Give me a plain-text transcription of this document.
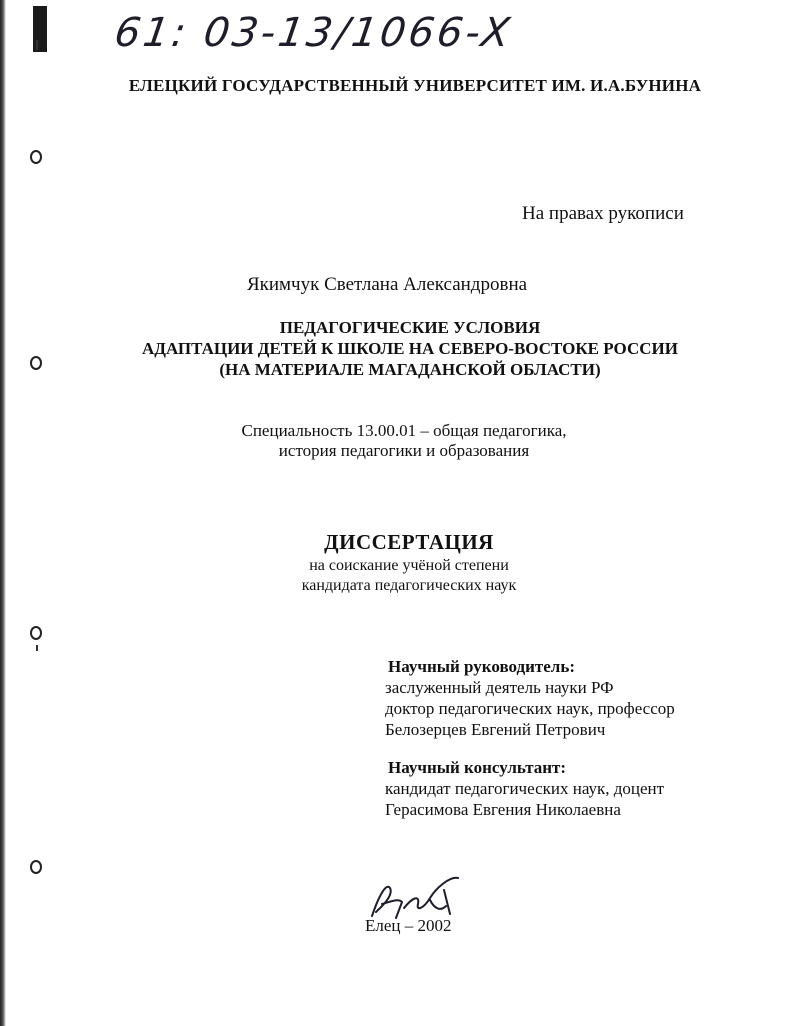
61: 03-13/1066-X
ЕЛЕЦКИЙ ГОСУДАРСТВЕННЫЙ УНИВЕРСИТЕТ ИМ. И.А.БУНИНА
На правах рукописи
Якимчук Светлана Александровна
ПЕДАГОГИЧЕСКИЕ УСЛОВИЯ
АДАПТАЦИИ ДЕТЕЙ К ШКОЛЕ НА СЕВЕРО-ВОСТОКЕ РОССИИ
(НА МАТЕРИАЛЕ МАГАДАНСКОЙ ОБЛАСТИ)
Специальность 13.00.01 – общая педагогика,
история педагогики и образования
ДИССЕРТАЦИЯ
на соискание учёной степени
кандидата педагогических наук
Научный руководитель:
заслуженный деятель науки РФ
доктор педагогических наук, профессор
Белозерцев Евгений Петрович
Научный консультант:
кандидат педагогических наук, доцент
Герасимова Евгения Николаевна
Елец – 2002
